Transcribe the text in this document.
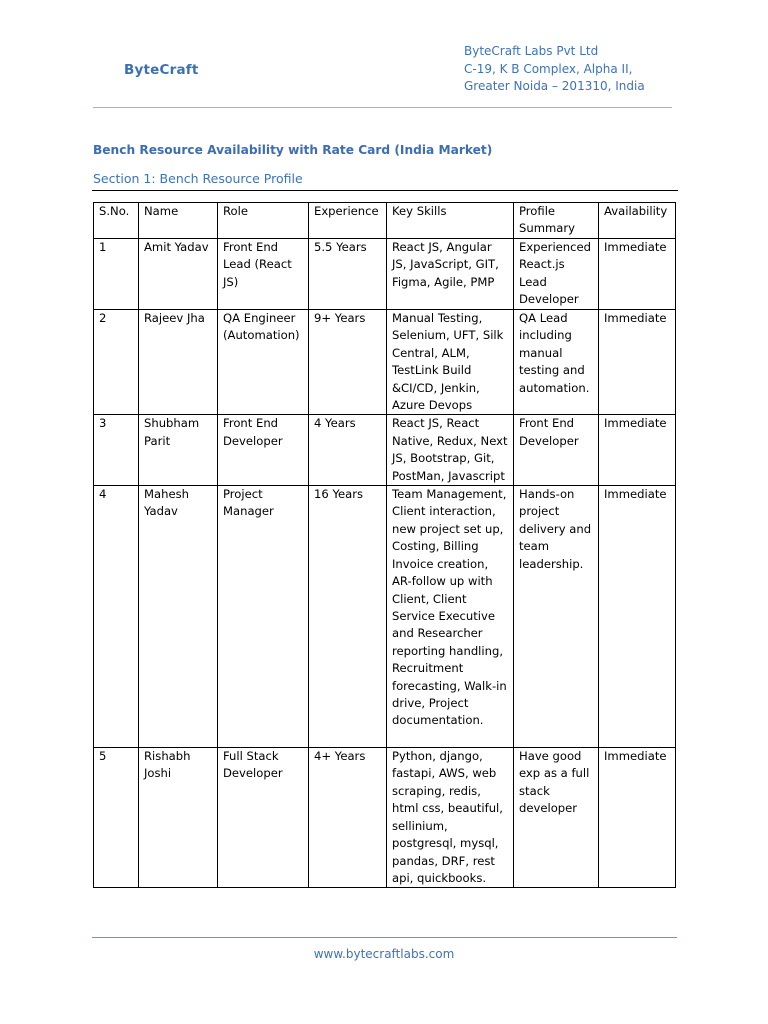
ByteCraft
ByteCraft Labs Pvt Ltd
C-19, K B Complex, Alpha II,
Greater Noida – 201310, India
Bench Resource Availability with Rate Card (India Market)
Section 1: Bench Resource Profile
S.No.	Name	Role	Experience	Key Skills	Profile Summary	Availability
1	Amit Yadav	Front End Lead (React JS)	5.5 Years	React JS, Angular JS, JavaScript, GIT, Figma, Agile, PMP	Experienced React.js Lead Developer	Immediate
2	Rajeev Jha	QA Engineer (Automation)	9+ Years	Manual Testing, Selenium, UFT, Silk Central, ALM, TestLink Build &CI/CD, Jenkin, Azure Devops	QA Lead including manual testing and automation.	Immediate
3	Shubham Parit	Front End Developer	4 Years	React JS, React Native, Redux, Next JS, Bootstrap, Git, PostMan, Javascript	Front End Developer	Immediate
4	Mahesh Yadav	Project Manager	16 Years	Team Management, Client interaction, new project set up, Costing, Billing Invoice creation, AR-follow up with Client, Client Service Executive and Researcher reporting handling, Recruitment forecasting, Walk-in drive, Project documentation.	Hands-on project delivery and team leadership.	Immediate
5	Rishabh Joshi	Full Stack Developer	4+ Years	Python, django, fastapi, AWS, web scraping, redis, html css, beautiful, sellinium, postgresql, mysql, pandas, DRF, rest api, quickbooks.	Have good exp as a full stack developer	Immediate
www.bytecraftlabs.com
